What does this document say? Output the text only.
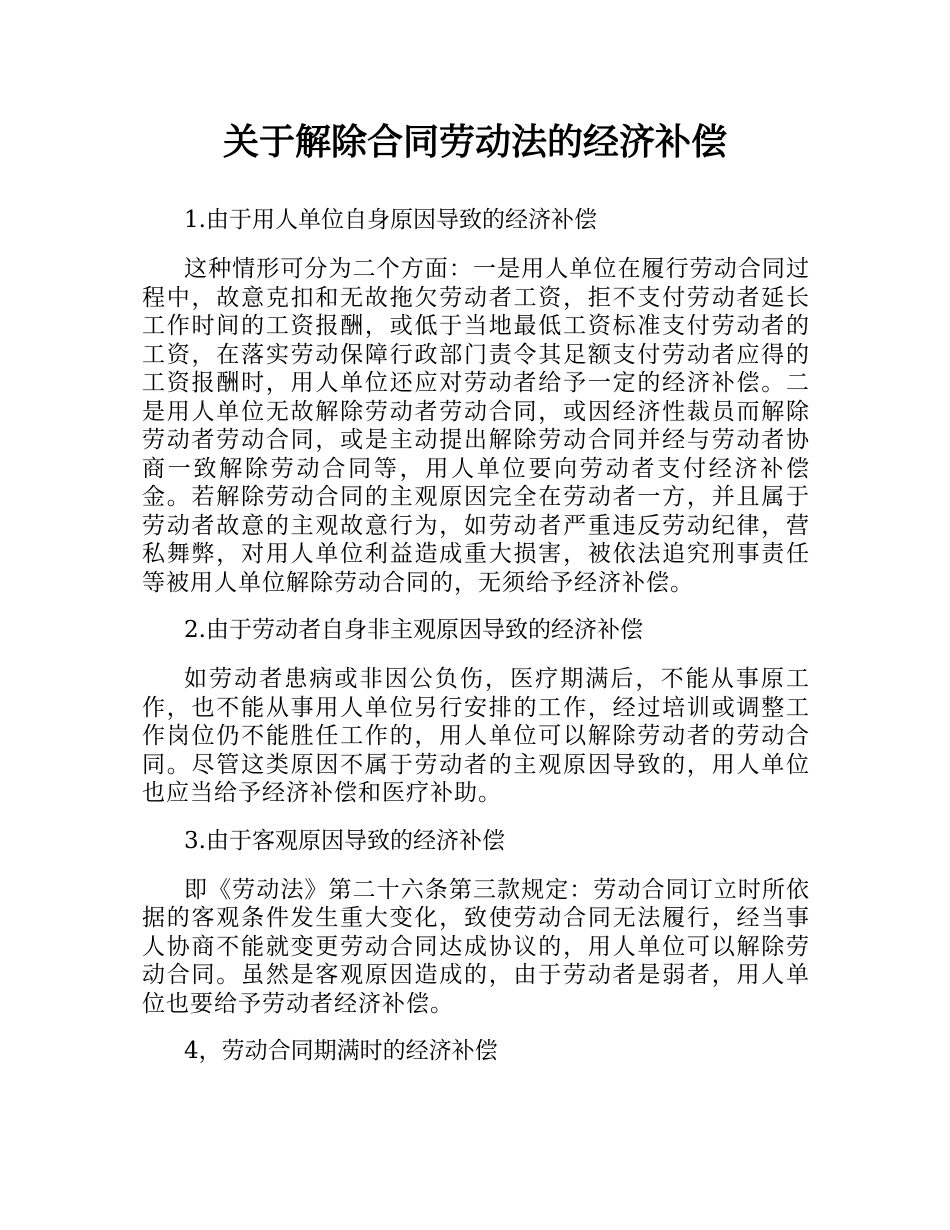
关于解除合同劳动法的经济补偿

1.由于用人单位自身原因导致的经济补偿

这种情形可分为二个方面：一是用人单位在履行劳动合同过程中，故意克扣和无故拖欠劳动者工资，拒不支付劳动者延长工作时间的工资报酬，或低于当地最低工资标准支付劳动者的工资，在落实劳动保障行政部门责令其足额支付劳动者应得的工资报酬时，用人单位还应对劳动者给予一定的经济补偿。二是用人单位无故解除劳动者劳动合同，或因经济性裁员而解除劳动者劳动合同，或是主动提出解除劳动合同并经与劳动者协商一致解除劳动合同等，用人单位要向劳动者支付经济补偿金。若解除劳动合同的主观原因完全在劳动者一方，并且属于劳动者故意的主观故意行为，如劳动者严重违反劳动纪律，营私舞弊，对用人单位利益造成重大损害，被依法追究刑事责任等被用人单位解除劳动合同的，无须给予经济补偿。

2.由于劳动者自身非主观原因导致的经济补偿

如劳动者患病或非因公负伤，医疗期满后，不能从事原工作，也不能从事用人单位另行安排的工作，经过培训或调整工作岗位仍不能胜任工作的，用人单位可以解除劳动者的劳动合同。尽管这类原因不属于劳动者的主观原因导致的，用人单位也应当给予经济补偿和医疗补助。

3.由于客观原因导致的经济补偿

即《劳动法》第二十六条第三款规定：劳动合同订立时所依据的客观条件发生重大变化，致使劳动合同无法履行，经当事人协商不能就变更劳动合同达成协议的，用人单位可以解除劳动合同。虽然是客观原因造成的，由于劳动者是弱者，用人单位也要给予劳动者经济补偿。

4，劳动合同期满时的经济补偿
